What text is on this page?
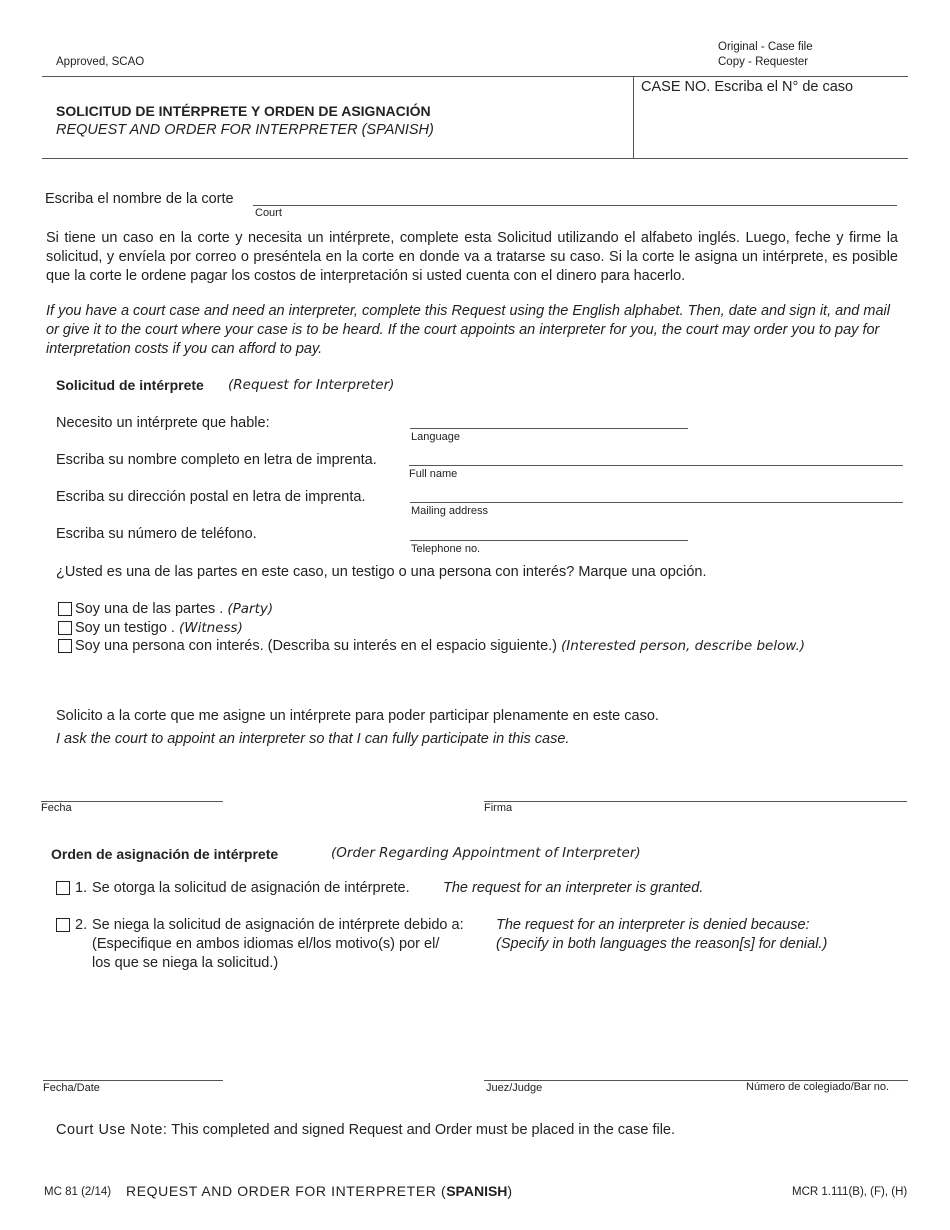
Approved, SCAO
Original - Case file
Copy - Requester
SOLICITUD DE INTÉRPRETE Y ORDEN DE ASIGNACIÓN
REQUEST AND ORDER FOR INTERPRETER (SPANISH)
CASE NO. Escriba el N° de caso
Escriba el nombre de la corte
Court
Si tiene un caso en la corte y necesita un intérprete, complete esta Solicitud utilizando el alfabeto inglés. Luego, feche y firme la solicitud, y envíela por correo o preséntela en la corte en donde va a tratarse su caso. Si la corte le asigna un intérprete, es posible que la corte le ordene pagar los costos de interpretación si usted cuenta con el dinero para hacerlo.
If you have a court case and need an interpreter, complete this Request using the English alphabet. Then, date and sign it, and mail or give it to the court where your case is to be heard. If the court appoints an interpreter for you, the court may order you to pay for interpretation costs if you can afford to pay.
Solicitud de intérprete (Request for Interpreter)
Necesito un intérprete que hable:
Language
Escriba su nombre completo en letra de imprenta.
Full name
Escriba su dirección postal en letra de imprenta.
Mailing address
Escriba su número de teléfono.
Telephone no.
¿Usted es una de las partes en este caso, un testigo o una persona con interés? Marque una opción.
Soy una de las partes . (Party)
Soy un testigo . (Witness)
Soy una persona con interés. (Describa su interés en el espacio siguiente.) (Interested person, describe below.)
Solicito a la corte que me asigne un intérprete para poder participar plenamente en este caso.
I ask the court to appoint an interpreter so that I can fully participate in this case.
Fecha	Firma
Orden de asignación de intérprete	(Order Regarding Appointment of Interpreter)
1. Se otorga la solicitud de asignación de intérprete. The request for an interpreter is granted.
2. Se niega la solicitud de asignación de intérprete debido a:
(Especifique en ambos idiomas el/los motivo(s) por el/
los que se niega la solicitud.)
The request for an interpreter is denied because:
(Specify in both languages the reason[s] for denial.)
Fecha/Date	Juez/Judge	Número de colegiado/Bar no.
Court Use Note: This completed and signed Request and Order must be placed in the case file.
MC 81 (2/14) REQUEST AND ORDER FOR INTERPRETER (SPANISH)	MCR 1.111(B), (F), (H)
